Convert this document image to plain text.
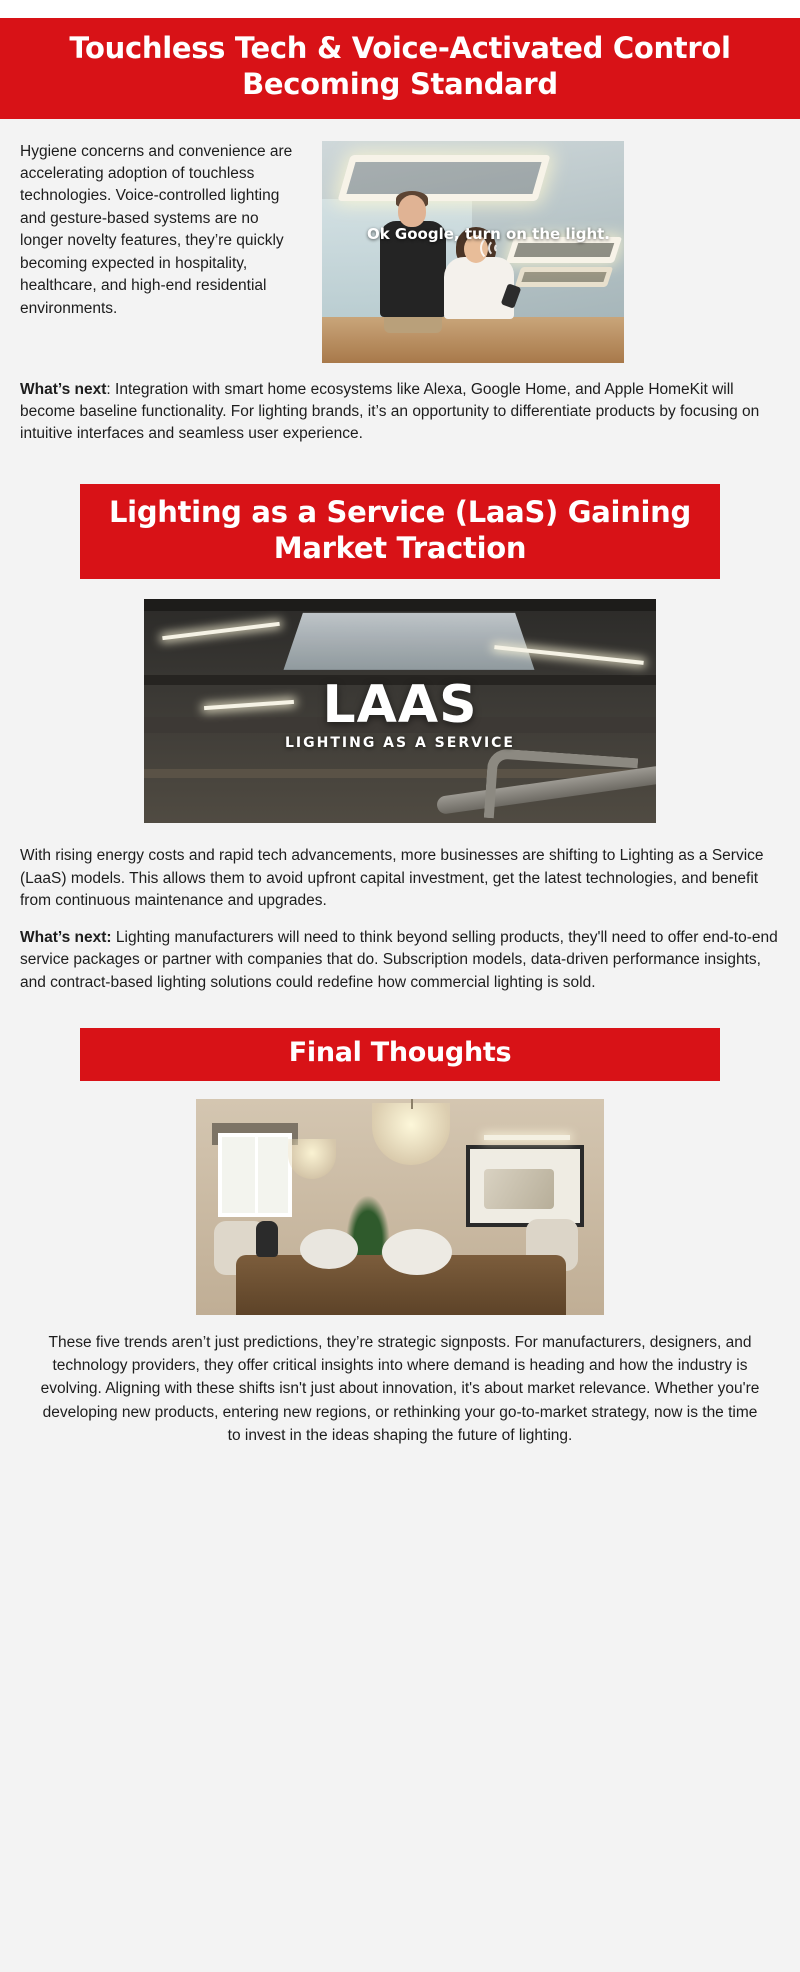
Touchless Tech & Voice-Activated Control Becoming Standard

Hygiene concerns and convenience are accelerating adoption of touchless technologies. Voice-controlled lighting and gesture-based systems are no longer novelty features, they’re quickly becoming expected in hospitality, healthcare, and high-end residential environments.

Ok Google, turn on the light.

What’s next: Integration with smart home ecosystems like Alexa, Google Home, and Apple HomeKit will become baseline functionality. For lighting brands, it’s an opportunity to differentiate products by focusing on intuitive interfaces and seamless user experience.

Lighting as a Service (LaaS) Gaining Market Traction
LAAS
LIGHTING AS A SERVICE

With rising energy costs and rapid tech advancements, more businesses are shifting to Lighting as a Service (LaaS) models. This allows them to avoid upfront capital investment, get the latest technologies, and benefit from continuous maintenance and upgrades.

What’s next: Lighting manufacturers will need to think beyond selling products, they'll need to offer end-to-end service packages or partner with companies that do. Subscription models, data-driven performance insights, and contract-based lighting solutions could redefine how commercial lighting is sold.

Final Thoughts

These five trends aren’t just predictions, they’re strategic signposts. For manufacturers, designers, and technology providers, they offer critical insights into where demand is heading and how the industry is evolving. Aligning with these shifts isn't just about innovation, it's about market relevance. Whether you're developing new products, entering new regions, or rethinking your go-to-market strategy, now is the time to invest in the ideas shaping the future of lighting.
